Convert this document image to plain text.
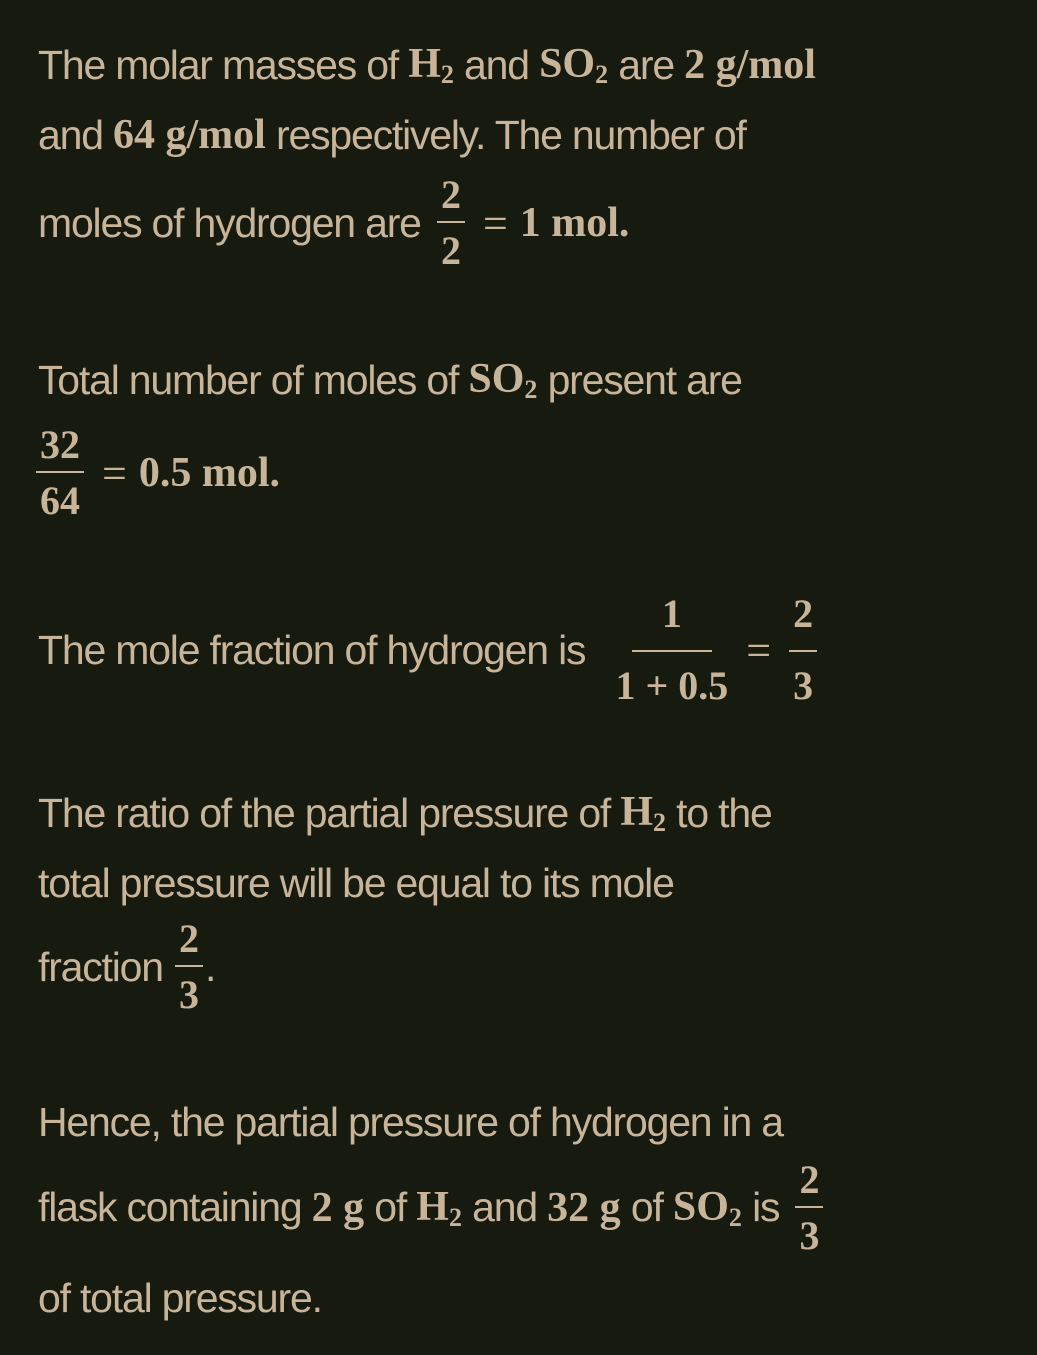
The molar masses of $H_2$ and $SO_2$ are 2 g/mol
and 64 g/mol respectively. The number of
moles of hydrogen are $\frac{2}{2} = 1$ mol.
Total number of moles of $SO_2$ present are
$\frac{32}{64} = 0.5$ mol.
The mole fraction of hydrogen is $\frac{1}{1 + 0.5} = \frac{2}{3}$
The ratio of the partial pressure of $H_2$ to the
total pressure will be equal to its mole
fraction $\frac{2}{3}$ .
Hence, the partial pressure of hydrogen in a
flask containing 2 g of $H_2$ and 32 g of $SO_2$ is $\frac{2}{3}$
of total pressure.
